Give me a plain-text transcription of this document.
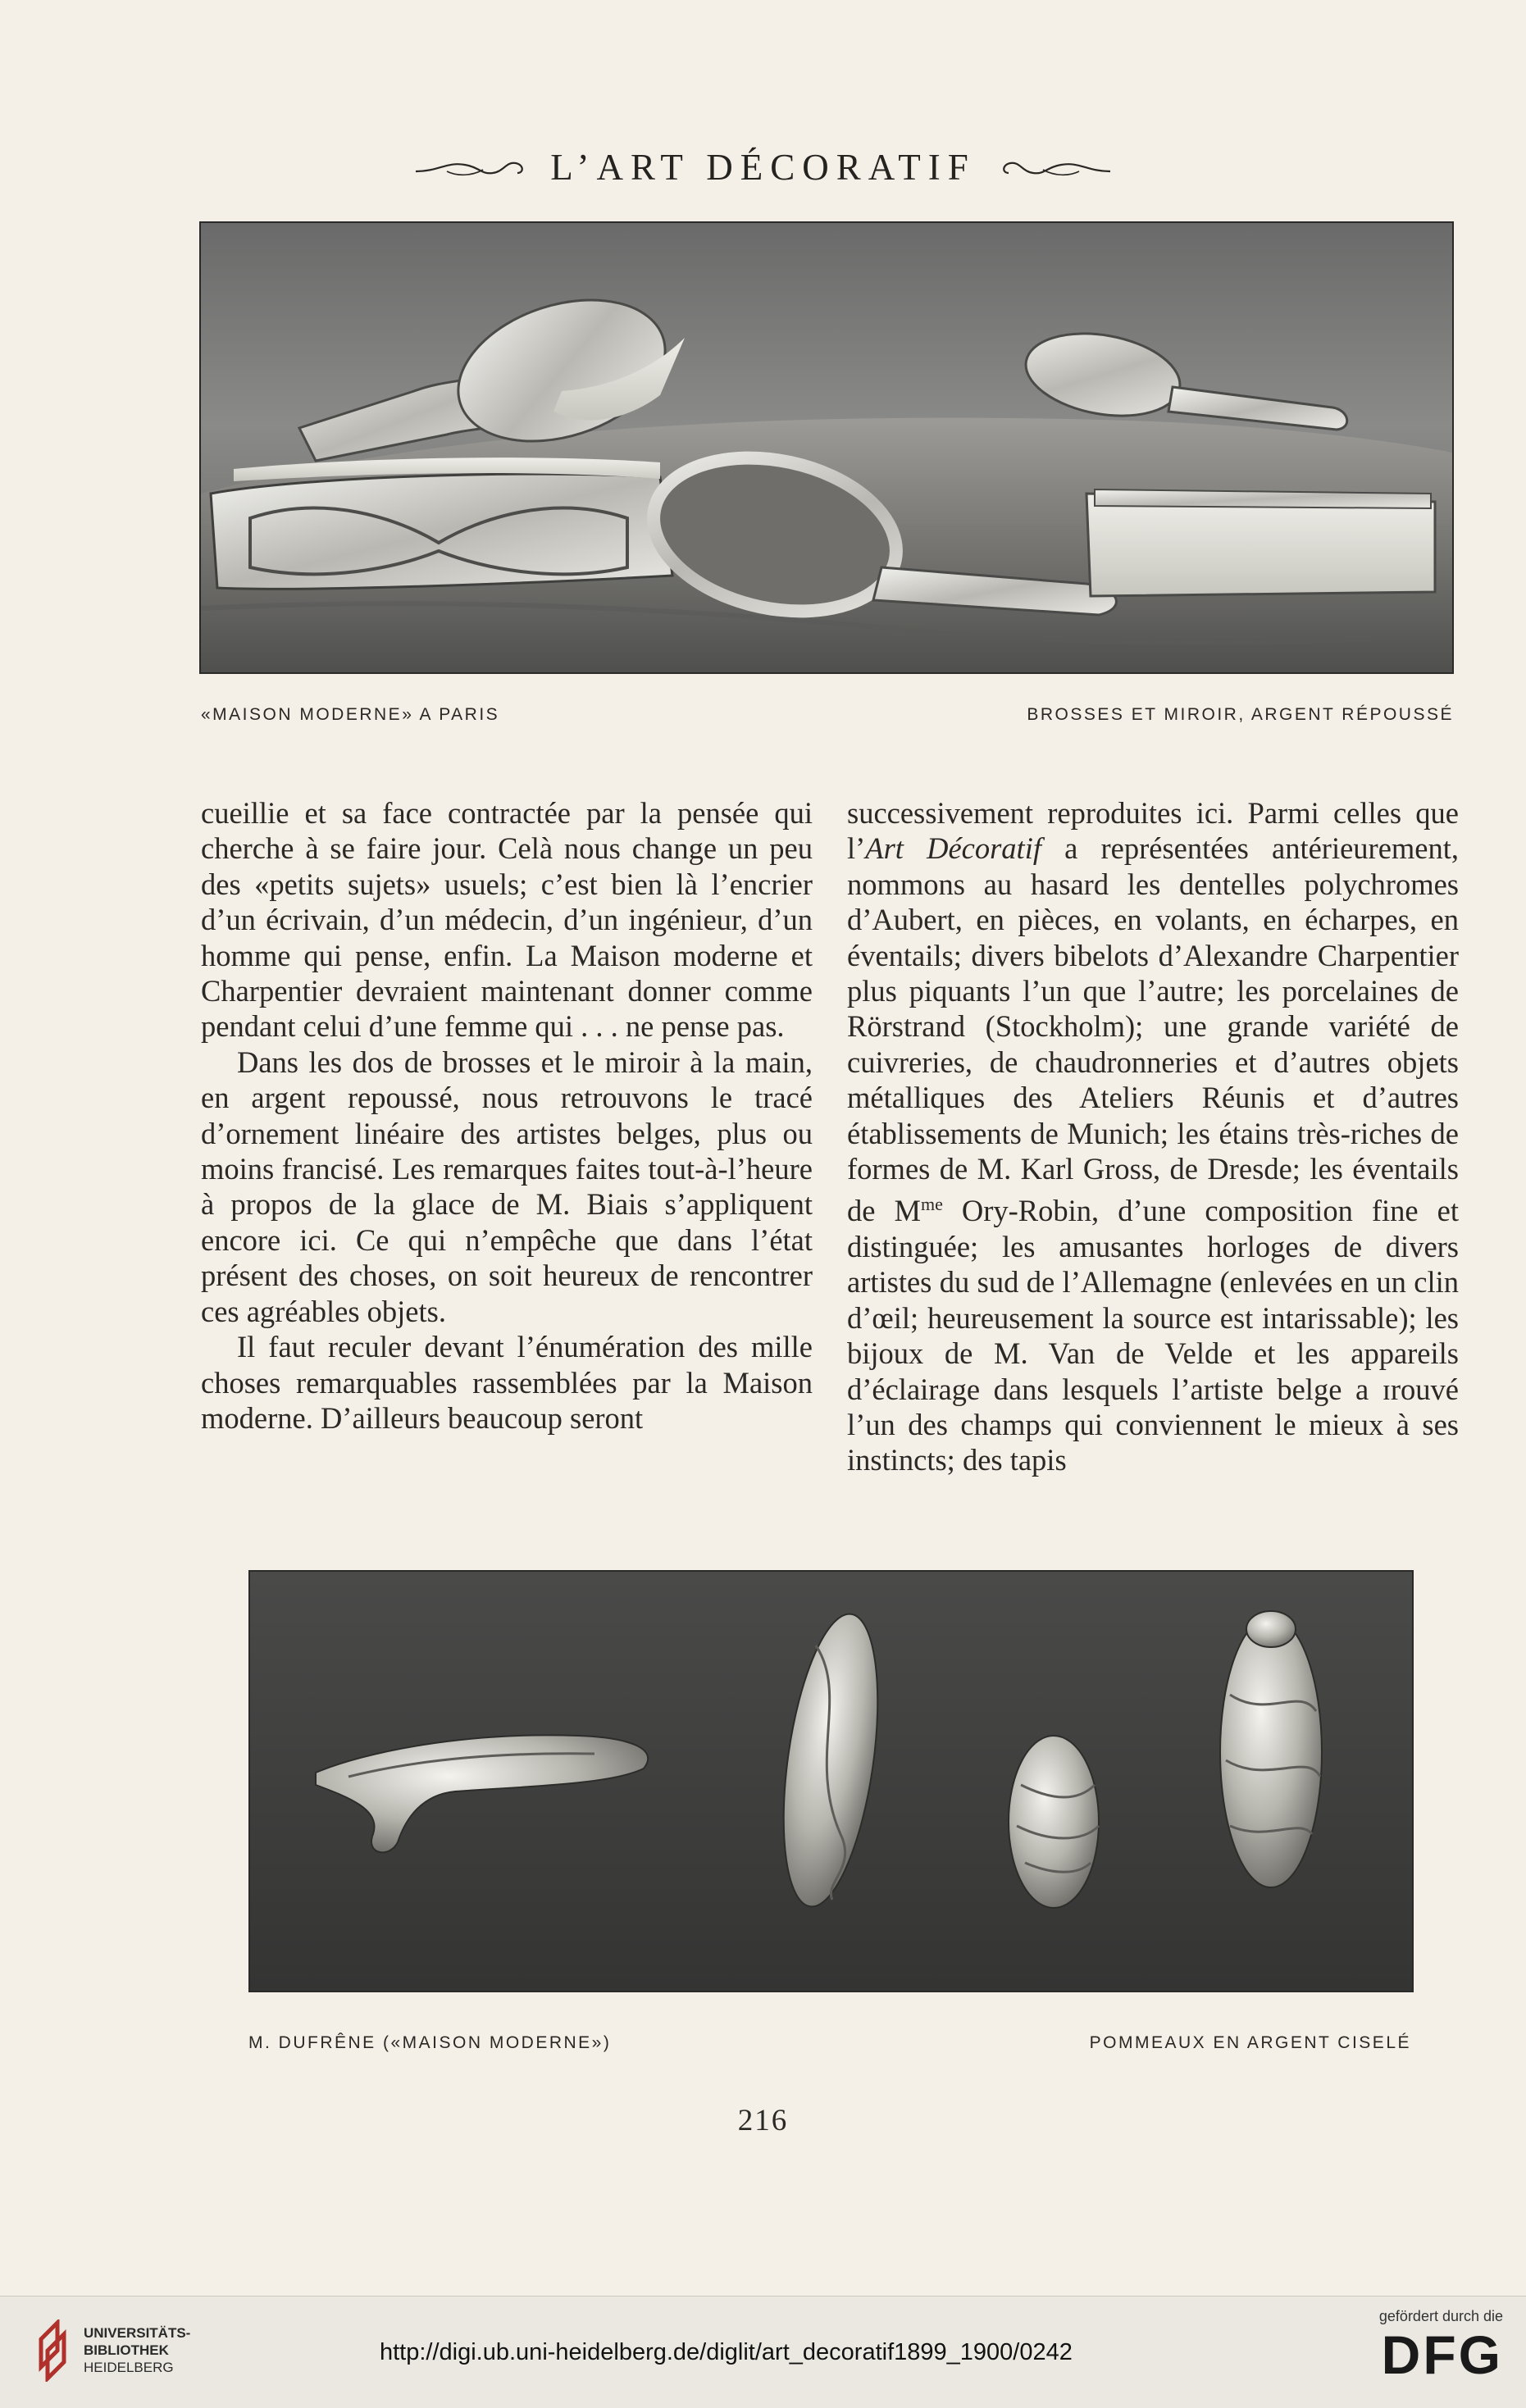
L’ART DÉCORATIF
«MAISON MODERNE» A PARIS	BROSSES ET MIROIR, ARGENT RÉPOUSSÉ

cueillie et sa face contractée par la pensée qui cherche à se faire jour. Celà nous change un peu des «petits sujets» usuels; c’est bien là l’encrier d’un écrivain, d’un médecin, d’un ingénieur, d’un homme qui pense, enfin. La Maison moderne et Charpentier devraient maintenant donner comme pendant celui d’une femme qui . . . ne pense pas.

Dans les dos de brosses et le miroir à la main, en argent repoussé, nous retrouvons le tracé d’ornement linéaire des artistes belges, plus ou moins francisé. Les remarques faites tout-à-l’heure à propos de la glace de M. Biais s’appliquent encore ici. Ce qui n’empêche que dans l’état présent des choses, on soit heureux de rencontrer ces agréables objets.

Il faut reculer devant l’énumération des mille choses remarquables rassemblées par la Maison moderne. D’ailleurs beaucoup seront

successivement reproduites ici. Parmi celles que l’Art Décoratif a représentées antérieurement, nommons au hasard les dentelles polychromes d’Aubert, en pièces, en volants, en écharpes, en éventails; divers bibelots d’Alexandre Charpentier plus piquants l’un que l’autre; les porcelaines de Rörstrand (Stockholm); une grande variété de cuivreries, de chaudronneries et d’autres objets métalliques des Ateliers Réunis et d’autres établissements de Munich; les étains très-riches de formes de M. Karl Gross, de Dresde; les éventails de $M^{me}$ Ory-Robin, d’une composition fine et distinguée; les amusantes horloges de divers artistes du sud de l’Allemagne (enlevées en un clin d’œil; heureusement la source est intarissable); les bijoux de M. Van de Velde et les appareils d’éclairage dans lesquels l’artiste belge a ɪrouvé l’un des champs qui conviennent le mieux à ses instincts; des tapis

M. DUFRÊNE («MAISON MODERNE»)	POMMEAUX EN ARGENT CISELÉ
216
UNIVERSITÄTS-
BIBLIOTHEK
HEIDELBERG
http://digi.ub.uni-heidelberg.de/diglit/art_decoratif1899_1900/0242
gefördert durch die
DFG
